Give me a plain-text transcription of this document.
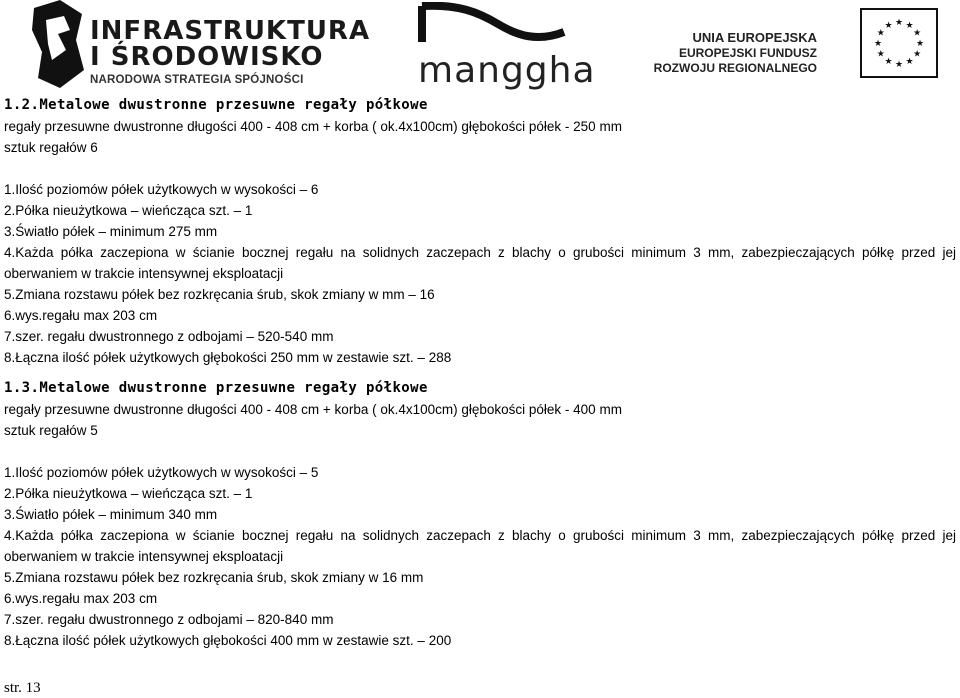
INFRASTRUKTURA
I ŚRODOWISKO
NARODOWA STRATEGIA SPÓJNOŚCI	manggha
UNIA EUROPEJSKA
EUROPEJSKI FUNDUSZ
ROZWOJU REGIONALNEGO
★ ★
★
★
★
★
★
★
★
★
★
★
1.2.Metalowe dwustronne przesuwne regały półkowe
regały przesuwne dwustronne długości 400 - 408 cm + korba ( ok.4x100cm) głębokości półek - 250 mm
sztuk regałów 6
1.Ilość poziomów półek użytkowych w wysokości – 6
2.Półka nieużytkowa – wieńcząca szt. – 1
3.Światło półek – minimum 275 mm
4.Każda półka zaczepiona w ścianie bocznej regału na solidnych zaczepach z blachy o grubości minimum 3 mm, zabezpieczających półkę przed jej
oberwaniem w trakcie intensywnej eksploatacji
5.Zmiana rozstawu półek bez rozkręcania śrub, skok zmiany w mm – 16
6.wys.regału max 203 cm
7.szer. regału dwustronnego z odbojami – 520-540 mm
8.Łączna ilość półek użytkowych głębokości 250 mm w zestawie szt. – 288
1.3.Metalowe dwustronne przesuwne regały półkowe
regały przesuwne dwustronne długości 400 - 408 cm + korba ( ok.4x100cm) głębokości półek - 400 mm
sztuk regałów 5
1.Ilość poziomów półek użytkowych w wysokości – 5
2.Półka nieużytkowa – wieńcząca szt. – 1
3.Światło półek – minimum 340 mm
4.Każda półka zaczepiona w ścianie bocznej regału na solidnych zaczepach z blachy o grubości minimum 3 mm, zabezpieczających półkę przed jej
oberwaniem w trakcie intensywnej eksploatacji
5.Zmiana rozstawu półek bez rozkręcania śrub, skok zmiany w 16 mm
6.wys.regału max 203 cm
7.szer. regału dwustronnego z odbojami – 820-840 mm
8.Łączna ilość półek użytkowych głębokości 400 mm w zestawie szt. – 200
str. 13
